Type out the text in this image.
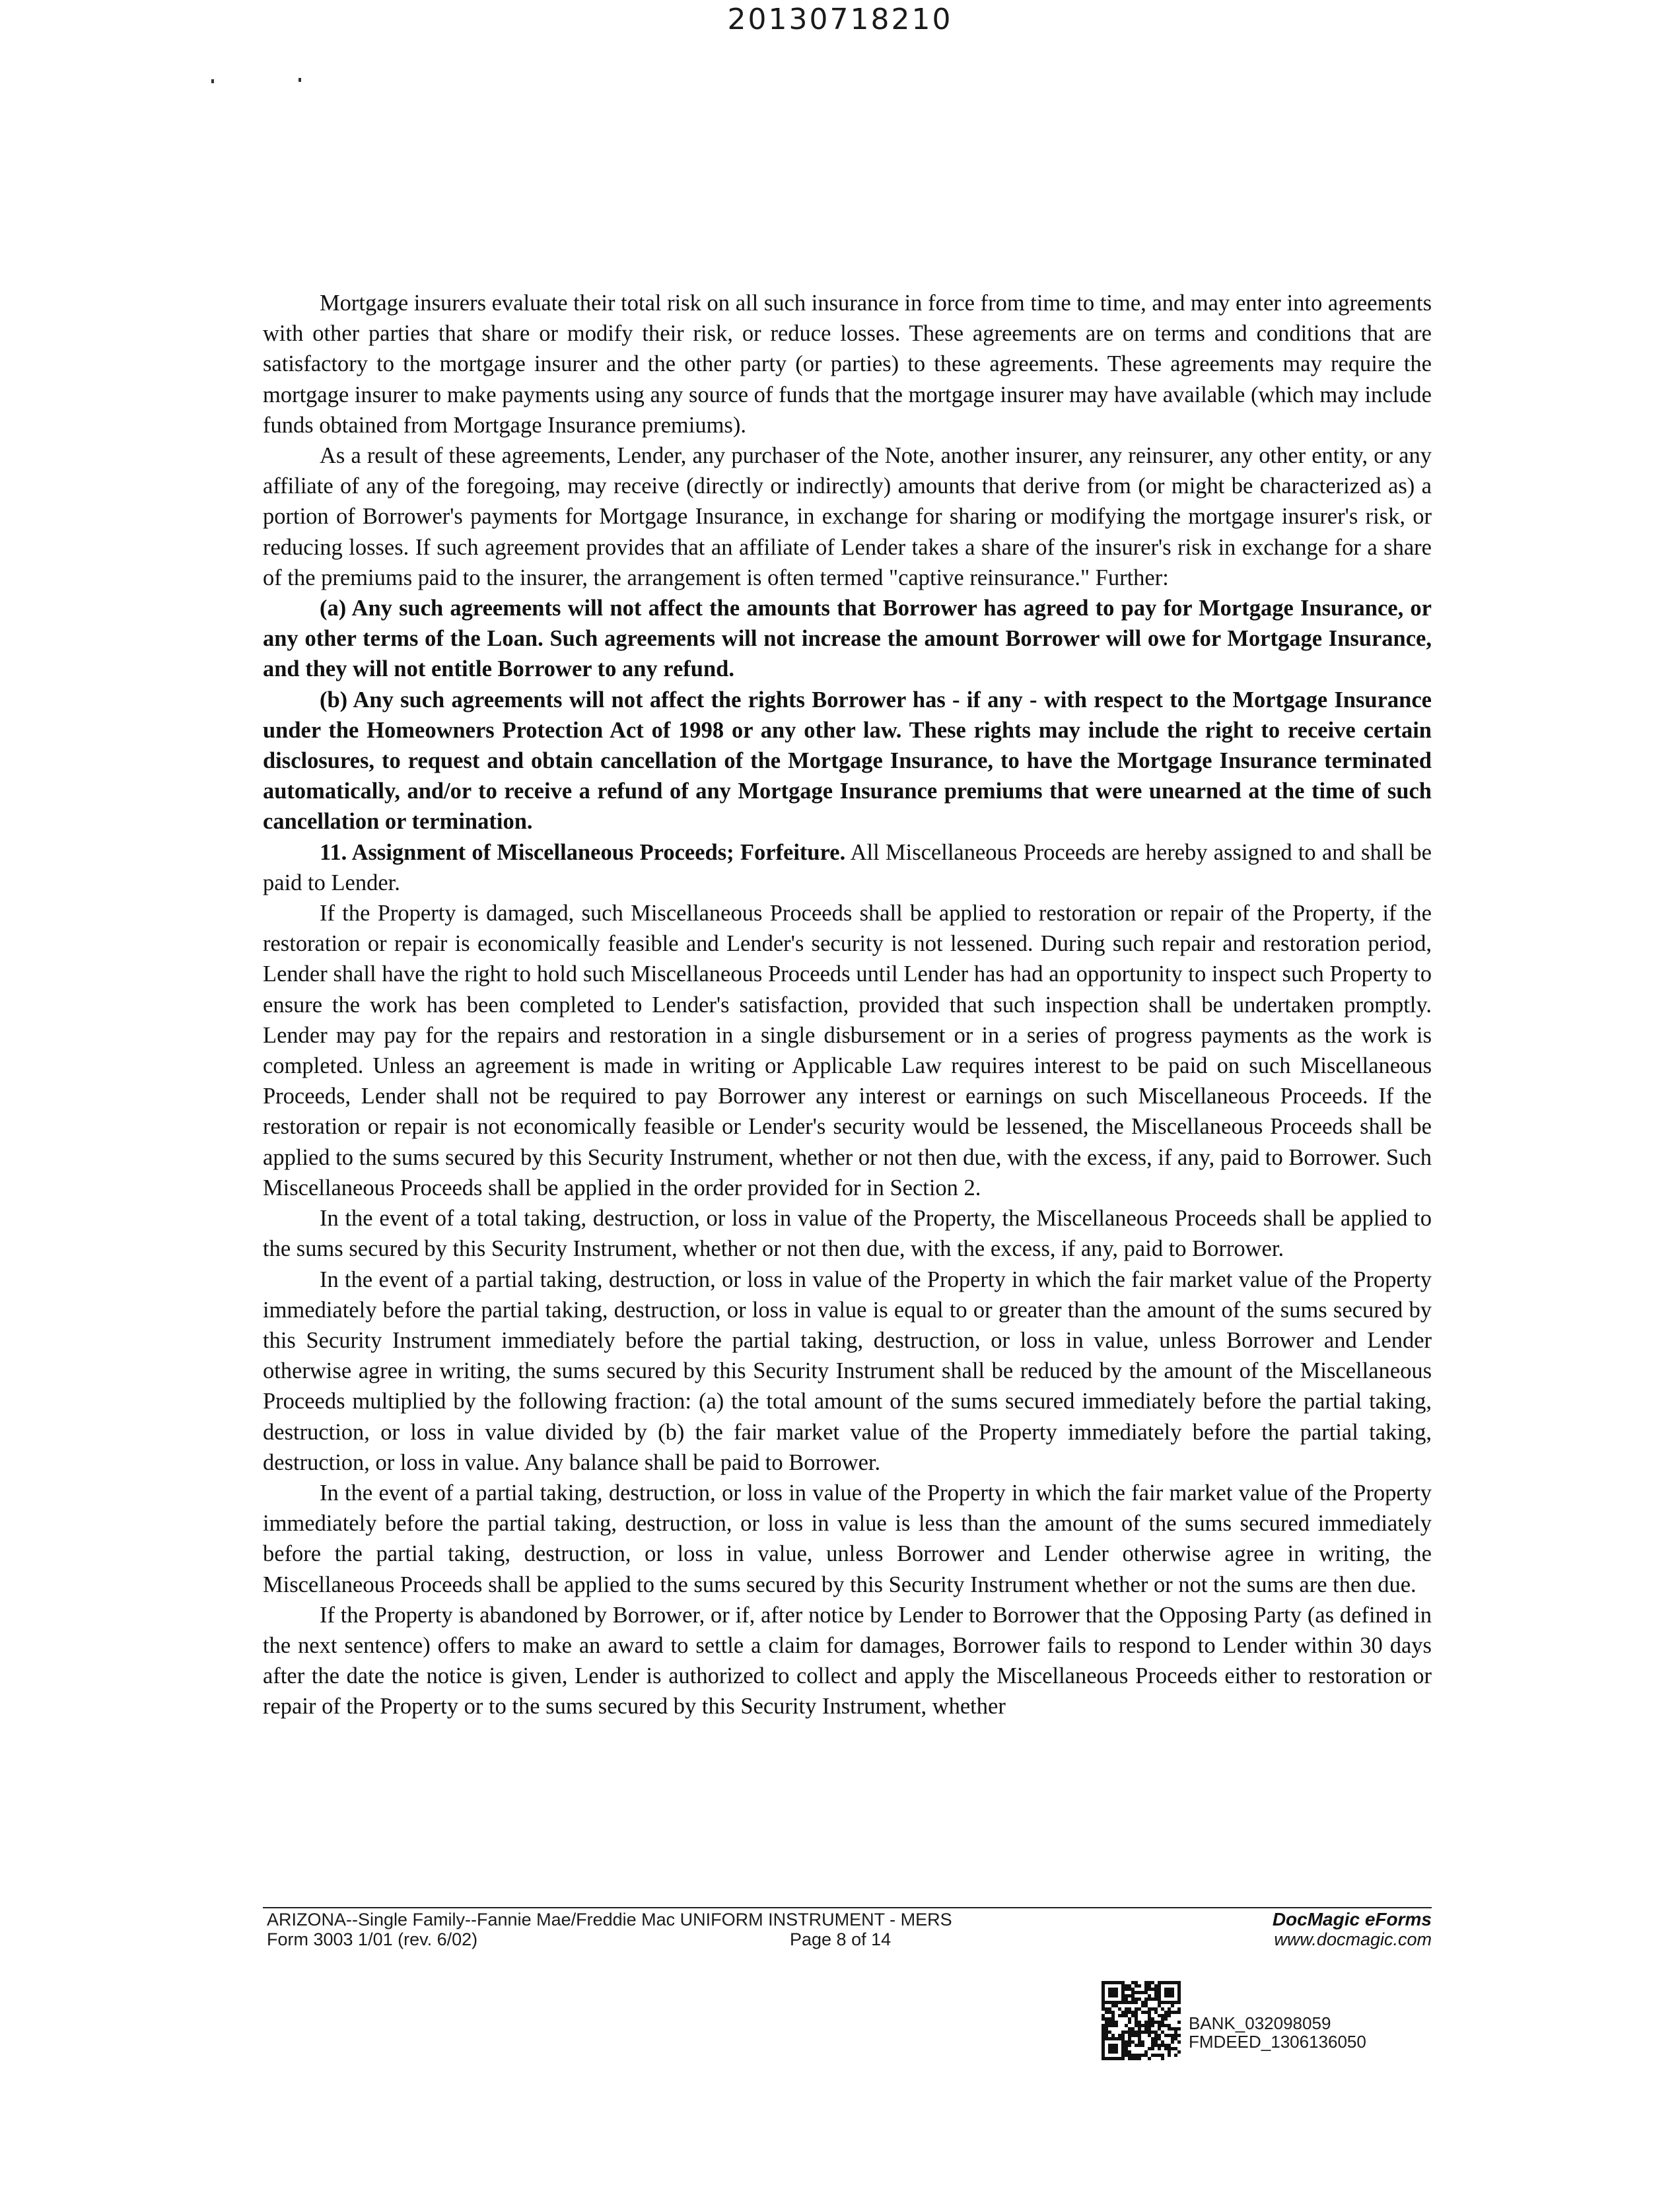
20130718210

Mortgage insurers evaluate their total risk on all such insurance in force from time to time, and may enter into agreements with other parties that share or modify their risk, or reduce losses. These agreements are on terms and conditions that are satisfactory to the mortgage insurer and the other party (or parties) to these agreements. These agreements may require the mortgage insurer to make payments using any source of funds that the mortgage insurer may have available (which may include funds obtained from Mortgage Insurance premiums).

As a result of these agreements, Lender, any purchaser of the Note, another insurer, any reinsurer, any other entity, or any affiliate of any of the foregoing, may receive (directly or indirectly) amounts that derive from (or might be characterized as) a portion of Borrower's payments for Mortgage Insurance, in exchange for sharing or modifying the mortgage insurer's risk, or reducing losses. If such agreement provides that an affiliate of Lender takes a share of the insurer's risk in exchange for a share of the premiums paid to the insurer, the arrangement is often termed "captive reinsurance." Further:

(a) Any such agreements will not affect the amounts that Borrower has agreed to pay for Mortgage Insurance, or any other terms of the Loan. Such agreements will not increase the amount Borrower will owe for Mortgage Insurance, and they will not entitle Borrower to any refund.

(b) Any such agreements will not affect the rights Borrower has - if any - with respect to the Mortgage Insurance under the Homeowners Protection Act of 1998 or any other law. These rights may include the right to receive certain disclosures, to request and obtain cancellation of the Mortgage Insurance, to have the Mortgage Insurance terminated automatically, and/or to receive a refund of any Mortgage Insurance premiums that were unearned at the time of such cancellation or termination.

11. Assignment of Miscellaneous Proceeds; Forfeiture. All Miscellaneous Proceeds are hereby assigned to and shall be paid to Lender.

If the Property is damaged, such Miscellaneous Proceeds shall be applied to restoration or repair of the Property, if the restoration or repair is economically feasible and Lender's security is not lessened. During such repair and restoration period, Lender shall have the right to hold such Miscellaneous Proceeds until Lender has had an opportunity to inspect such Property to ensure the work has been completed to Lender's satisfaction, provided that such inspection shall be undertaken promptly. Lender may pay for the repairs and restoration in a single disbursement or in a series of progress payments as the work is completed. Unless an agreement is made in writing or Applicable Law requires interest to be paid on such Miscellaneous Proceeds, Lender shall not be required to pay Borrower any interest or earnings on such Miscellaneous Proceeds. If the restoration or repair is not economically feasible or Lender's security would be lessened, the Miscellaneous Proceeds shall be applied to the sums secured by this Security Instrument, whether or not then due, with the excess, if any, paid to Borrower. Such Miscellaneous Proceeds shall be applied in the order provided for in Section 2.

In the event of a total taking, destruction, or loss in value of the Property, the Miscellaneous Proceeds shall be applied to the sums secured by this Security Instrument, whether or not then due, with the excess, if any, paid to Borrower.

In the event of a partial taking, destruction, or loss in value of the Property in which the fair market value of the Property immediately before the partial taking, destruction, or loss in value is equal to or greater than the amount of the sums secured by this Security Instrument immediately before the partial taking, destruction, or loss in value, unless Borrower and Lender otherwise agree in writing, the sums secured by this Security Instrument shall be reduced by the amount of the Miscellaneous Proceeds multiplied by the following fraction: (a) the total amount of the sums secured immediately before the partial taking, destruction, or loss in value divided by (b) the fair market value of the Property immediately before the partial taking, destruction, or loss in value. Any balance shall be paid to Borrower.

In the event of a partial taking, destruction, or loss in value of the Property in which the fair market value of the Property immediately before the partial taking, destruction, or loss in value is less than the amount of the sums secured immediately before the partial taking, destruction, or loss in value, unless Borrower and Lender otherwise agree in writing, the Miscellaneous Proceeds shall be applied to the sums secured by this Security Instrument whether or not the sums are then due.

If the Property is abandoned by Borrower, or if, after notice by Lender to Borrower that the Opposing Party (as defined in the next sentence) offers to make an award to settle a claim for damages, Borrower fails to respond to Lender within 30 days after the date the notice is given, Lender is authorized to collect and apply the Miscellaneous Proceeds either to restoration or repair of the Property or to the sums secured by this Security Instrument, whether

ARIZONA--Single Family--Fannie Mae/Freddie Mac UNIFORM INSTRUMENT - MERS
Form 3003 1/01 (rev. 6/02)	Page 8 of 14
DocMagic eForms
www.docmagic.com
BANK_032098059
FMDEED_1306136050
